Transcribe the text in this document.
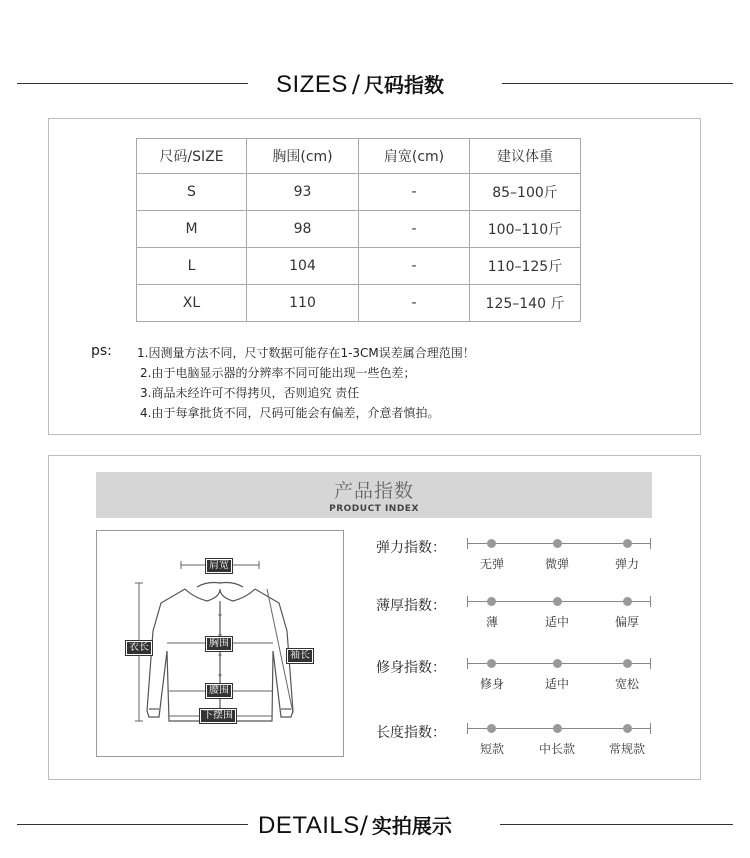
SIZES / 尺码指数
尺码/SIZE	胸围(cm)	肩宽(cm)	建议体重
S	93	-	85–100斤
M	98	-	100–110斤
L	104	-	110–125斤
XL	110	-	125–140 斤
ps: 1.因测量方法不同，尺寸数据可能存在1-3CM误差属合理范围！
2.由于电脑显示器的分辨率不同可能出现一些色差；
3.商品未经许可不得拷贝，否则追究 责任
4.由于每拿批货不同，尺码可能会有偏差，介意者慎拍。
产品指数
PRODUCT INDEX
肩宽
衣长	胸围
袖长
腰围
下摆围
弹力指数：
无弹	微弹	弹力
薄厚指数：
薄	适中	偏厚
修身指数：
修身	适中	宽松
长度指数：
短款	中长款	常规款
DETAILS/ 实拍展示
